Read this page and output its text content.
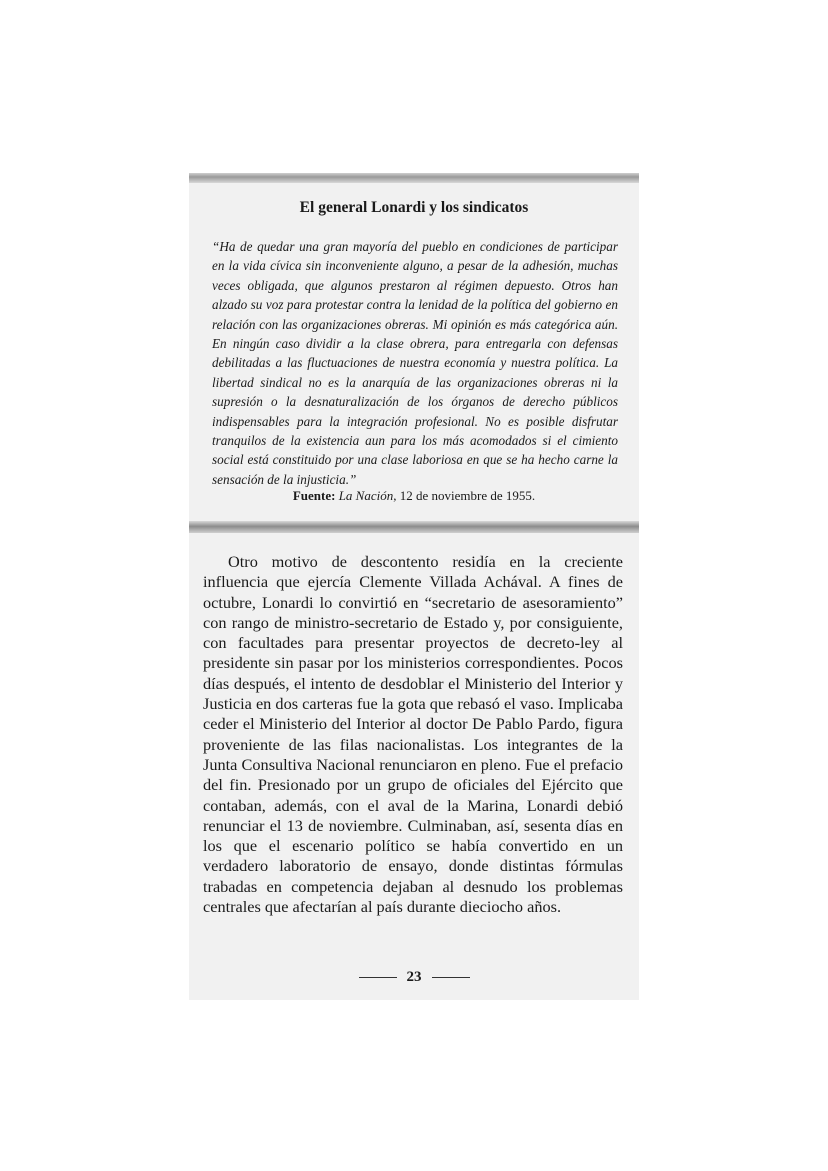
El general Lonardi y los sindicatos

“Ha de quedar una gran mayoría del pueblo en condiciones de participar en la vida cívica sin inconveniente alguno, a pesar de la adhesión, muchas veces obligada, que algunos prestaron al régimen depuesto. Otros han alzado su voz para protestar contra la lenidad de la política del gobierno en relación con las organizaciones obreras. Mi opinión es más categórica aún. En ningún caso dividir a la clase obrera, para entregarla con defensas debilitadas a las fluctuaciones de nuestra economía y nuestra política. La libertad sindical no es la anarquía de las organizaciones obreras ni la supresión o la desnaturalización de los órganos de derecho públicos indispensables para la integración profesional. No es posible disfrutar tranquilos de la existencia aun para los más acomodados si el cimiento social está constituido por una clase laboriosa en que se ha hecho carne la sensación de la injusticia.”

Fuente: La Nación, 12 de noviembre de 1955.

Otro motivo de descontento residía en la creciente influencia que ejercía Clemente Villada Achával. A fines de octubre, Lonardi lo convirtió en “secretario de asesoramiento” con rango de ministro-secretario de Estado y, por consiguiente, con facultades para presentar proyectos de decreto-ley al presidente sin pasar por los ministerios correspondientes. Pocos días después, el intento de desdoblar el Ministerio del Interior y Justicia en dos carteras fue la gota que rebasó el vaso. Implicaba ceder el Ministerio del Interior al doctor De Pablo Pardo, figura proveniente de las filas nacionalistas. Los integrantes de la Junta Consultiva Nacional renunciaron en pleno. Fue el prefacio del fin. Presionado por un grupo de oficiales del Ejército que contaban, además, con el aval de la Marina, Lonardi debió renunciar el 13 de noviembre. Culminaban, así, sesenta días en los que el escenario político se había convertido en un verdadero laboratorio de ensayo, donde distintas fórmulas trabadas en competencia dejaban al desnudo los problemas centrales que afectarían al país durante dieciocho años.

23
